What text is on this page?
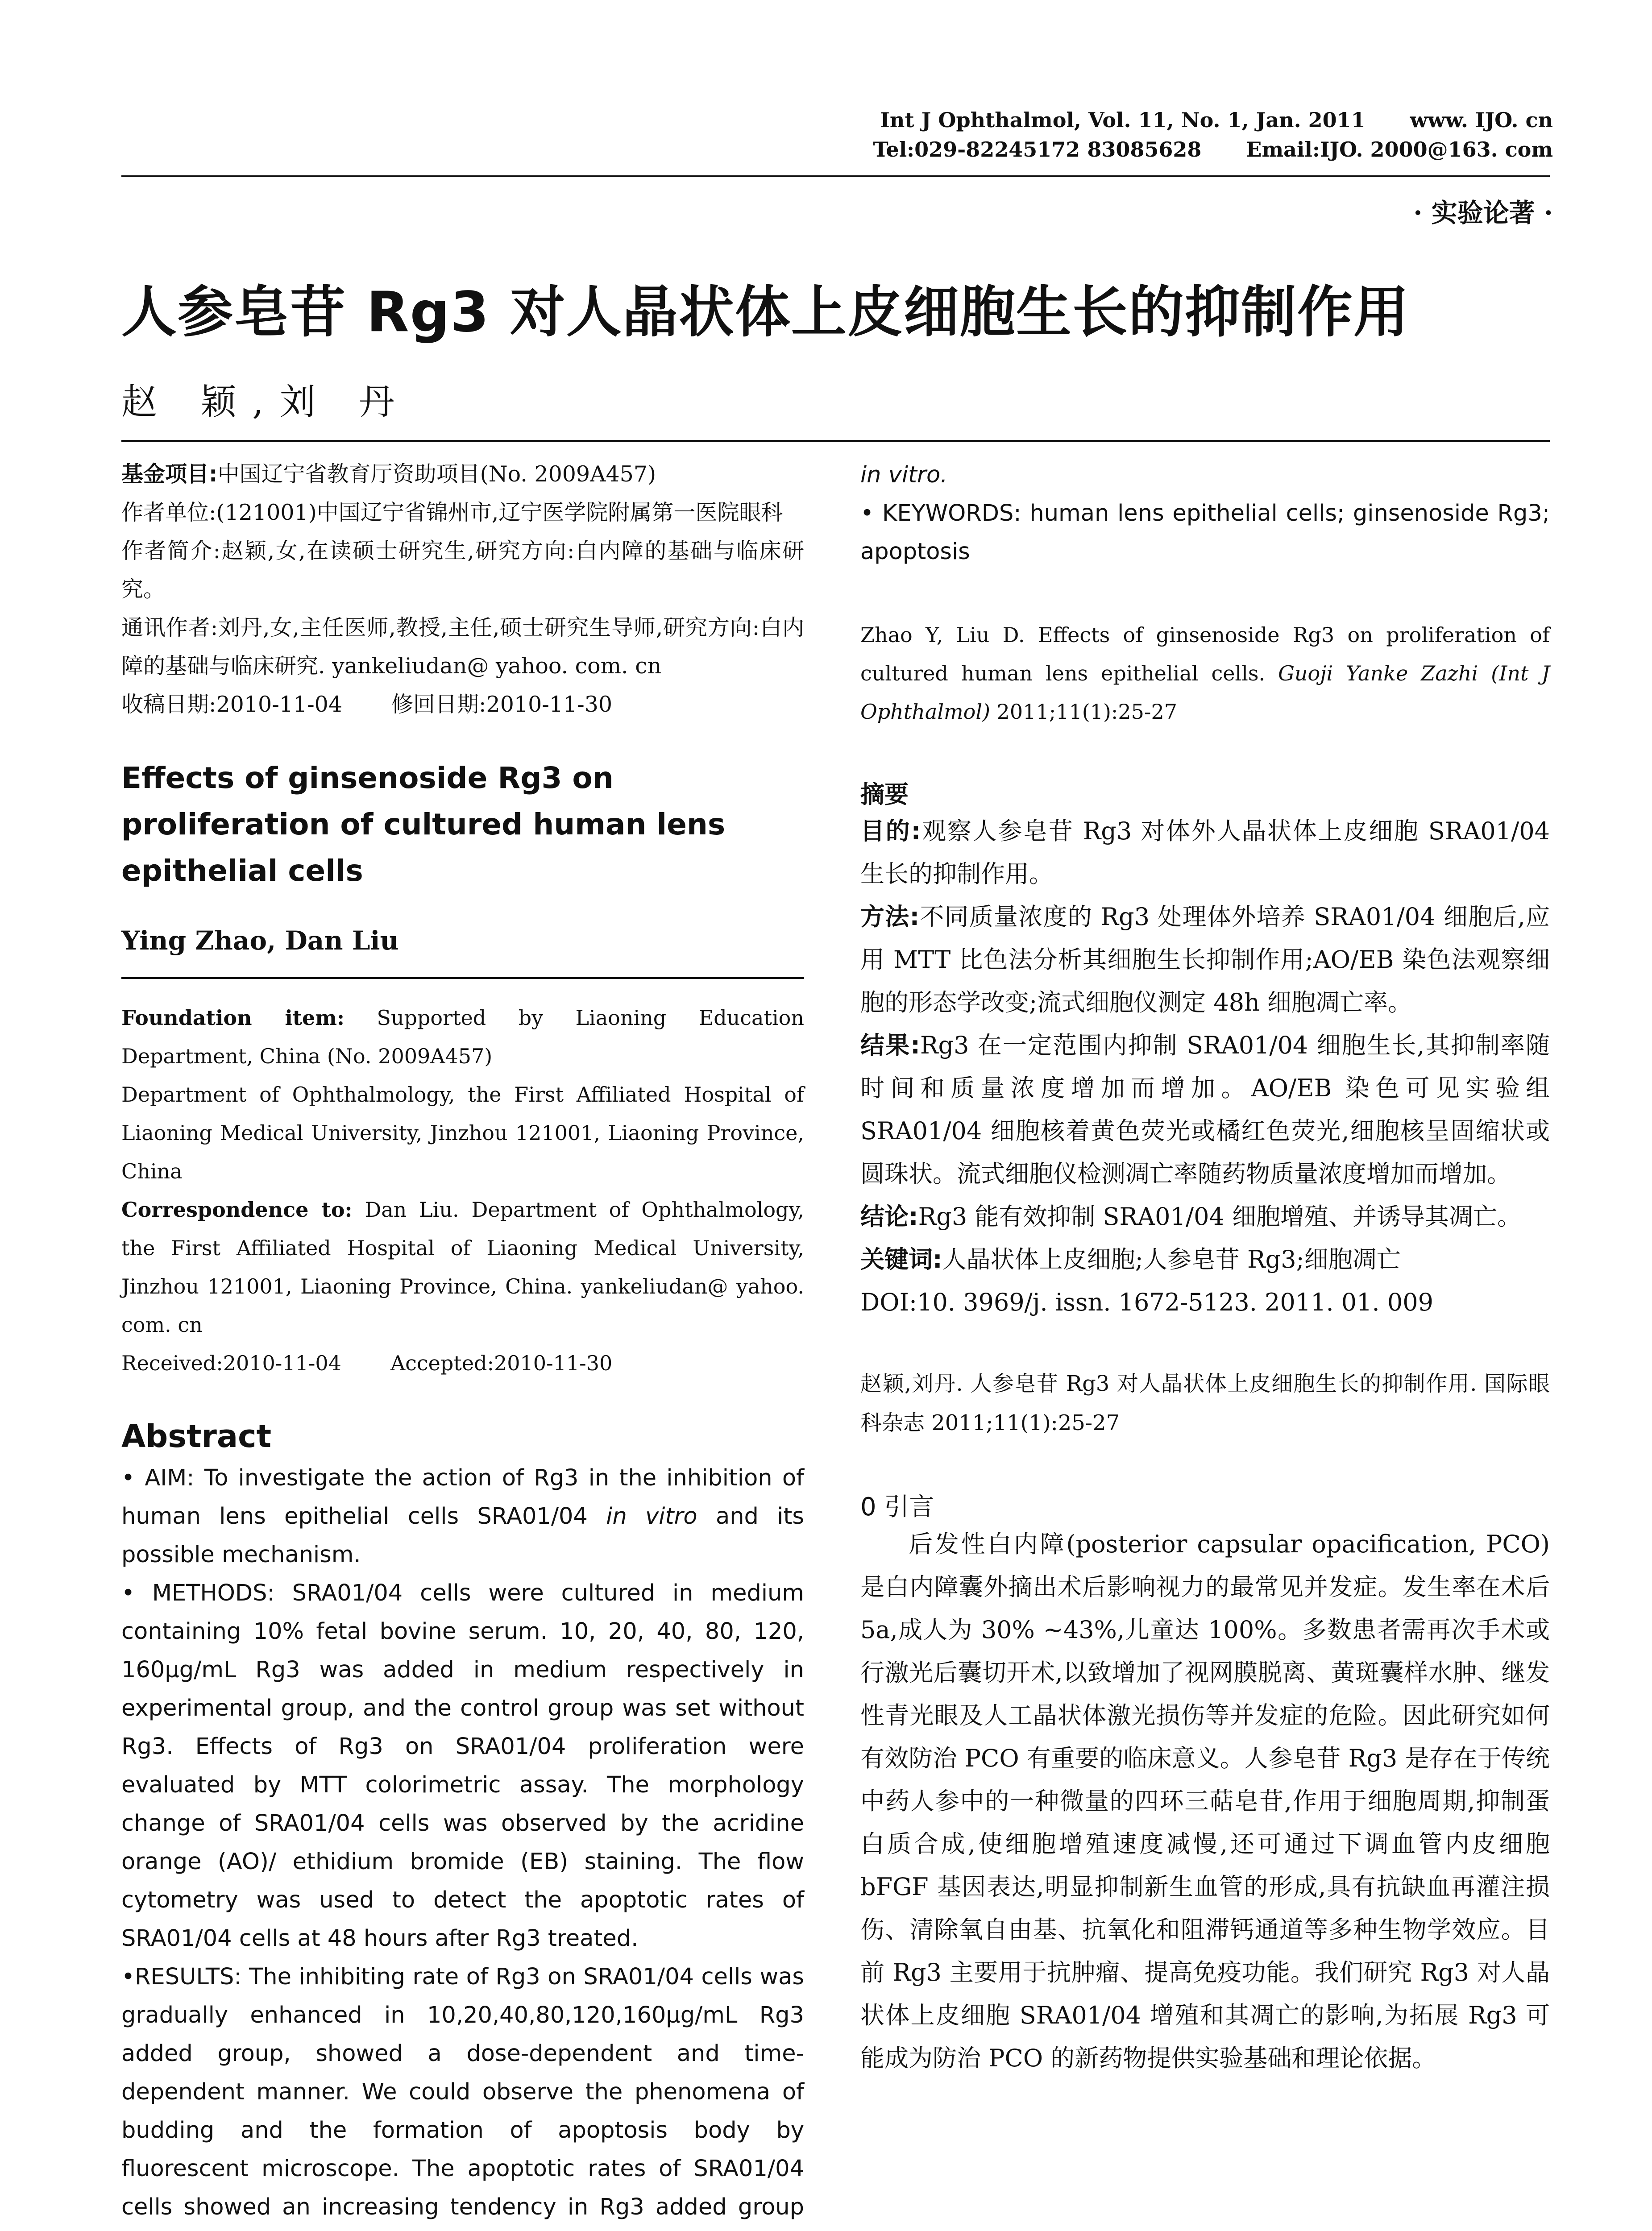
Int J Ophthalmol, Vol. 11, No. 1, Jan. 2011 www. IJO. cn
Tel:029-82245172 83085628 Email:IJO. 2000@163. com
· 实验论著 ·
人参皂苷 Rg3 对人晶状体上皮细胞生长的抑制作用
赵 颖,刘 丹
基金项目:中国辽宁省教育厅资助项目(No. 2009A457)
作者单位:(121001)中国辽宁省锦州市,辽宁医学院附属第一医院眼科
作者简介:赵颖,女,在读硕士研究生,研究方向:白内障的基础与临床研究。
通讯作者:刘丹,女,主任医师,教授,主任,硕士研究生导师,研究方向:白内障的基础与临床研究. yankeliudan@ yahoo. com. cn
收稿日期:2010-11-04 修回日期:2010-11-30
Effects of ginsenoside Rg3 on proliferation of cultured human lens epithelial cells
Ying Zhao, Dan Liu
Foundation item: Supported by Liaoning Education Department, China (No. 2009A457)
Department of Ophthalmology, the First Affiliated Hospital of Liaoning Medical University, Jinzhou 121001, Liaoning Province, China
Correspondence to: Dan Liu. Department of Ophthalmology, the First Affiliated Hospital of Liaoning Medical University, Jinzhou 121001, Liaoning Province, China. yankeliudan@ yahoo. com. cn
Received:2010-11-04 Accepted:2010-11-30
Abstract

• AIM: To investigate the action of Rg3 in the inhibition of human lens epithelial cells SRA01/04 in vitro and its possible mechanism.

• METHODS: SRA01/04 cells were cultured in medium containing 10% fetal bovine serum. 10, 20, 40, 80, 120, 160μg/mL Rg3 was added in medium respectively in experimental group, and the control group was set without Rg3. Effects of Rg3 on SRA01/04 proliferation were evaluated by MTT colorimetric assay. The morphology change of SRA01/04 cells was observed by the acridine orange (AO)/ ethidium bromide (EB) staining. The flow cytometry was used to detect the apoptotic rates of SRA01/04 cells at 48 hours after Rg3 treated.

•RESULTS: The inhibiting rate of Rg3 on SRA01/04 cells was gradually enhanced in 10,20,40,80,120,160μg/mL Rg3 added group, showed a dose-dependent and time-dependent manner. We could observe the phenomena of budding and the formation of apoptosis body by fluorescent microscope. The apoptotic rates of SRA01/04 cells showed an increasing tendency in Rg3 added group

in vitro.

• KEYWORDS: human lens epithelial cells; ginsenoside Rg3; apoptosis

Zhao Y, Liu D. Effects of ginsenoside Rg3 on proliferation of cultured human lens epithelial cells. Guoji Yanke Zazhi (Int J Ophthalmol) 2011;11(1):25-27
摘要

目的:观察人参皂苷 Rg3 对体外人晶状体上皮细胞 SRA01/04 生长的抑制作用。

方法:不同质量浓度的 Rg3 处理体外培养 SRA01/04 细胞后,应用 MTT 比色法分析其细胞生长抑制作用;AO/EB 染色法观察细胞的形态学改变;流式细胞仪测定 48h 细胞凋亡率。

结果:Rg3 在一定范围内抑制 SRA01/04 细胞生长,其抑制率随时间和质量浓度增加而增加。AO/EB 染色可见实验组 SRA01/04 细胞核着黄色荧光或橘红色荧光,细胞核呈固缩状或圆珠状。流式细胞仪检测凋亡率随药物质量浓度增加而增加。

结论:Rg3 能有效抑制 SRA01/04 细胞增殖、并诱导其凋亡。

关键词:人晶状体上皮细胞;人参皂苷 Rg3;细胞凋亡

DOI:10. 3969/j. issn. 1672-5123. 2011. 01. 009

赵颖,刘丹. 人参皂苷 Rg3 对人晶状体上皮细胞生长的抑制作用. 国际眼科杂志 2011;11(1):25-27
0 引言
后发性白内障(posterior capsular opacification, PCO)是白内障囊外摘出术后影响视力的最常见并发症。发生率在术后 5a,成人为 30% ~43%,儿童达 100%。多数患者需再次手术或行激光后囊切开术,以致增加了视网膜脱离、黄斑囊样水肿、继发性青光眼及人工晶状体激光损伤等并发症的危险。因此研究如何有效防治 PCO 有重要的临床意义。人参皂苷 Rg3 是存在于传统中药人参中的一种微量的四环三萜皂苷,作用于细胞周期,抑制蛋白质合成,使细胞增殖速度减慢,还可通过下调血管内皮细胞 bFGF 基因表达,明显抑制新生血管的形成,具有抗缺血再灌注损伤、清除氧自由基、抗氧化和阻滞钙通道等多种生物学效应。目前 Rg3 主要用于抗肿瘤、提高免疫功能。我们研究 Rg3 对人晶状体上皮细胞 SRA01/04 增殖和其凋亡的影响,为拓展 Rg3 可能成为防治 PCO 的新药物提供实验基础和理论依据。
